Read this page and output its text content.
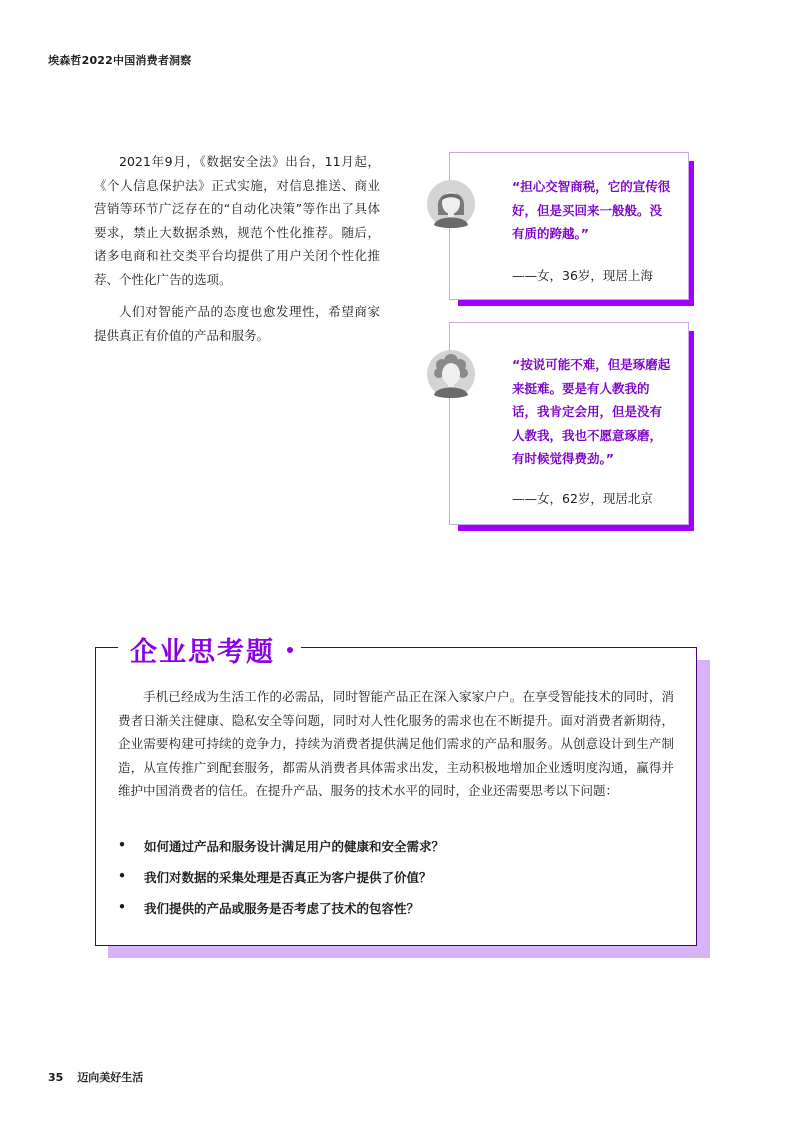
埃森哲2022中国消费者洞察

2021年9月，《数据安全法》出台，11月起，《个人信息保护法》正式实施，对信息推送、商业营销等环节广泛存在的“自动化决策”等作出了具体要求，禁止大数据杀熟，规范个性化推荐。随后，诸多电商和社交类平台均提供了用户关闭个性化推荐、个性化广告的选项。

人们对智能产品的态度也愈发理性，希望商家提供真正有价值的产品和服务。

“担心交智商税，它的宣传很好，但是买回来一般般。没有质的跨越。”

——女，36岁，现居上海

“按说可能不难，但是琢磨起来挺难。要是有人教我的话，我肯定会用，但是没有人教我，我也不愿意琢磨，有时候觉得费劲。”

——女，62岁，现居北京

企业思考题

手机已经成为生活工作的必需品，同时智能产品正在深入家家户户。在享受智能技术的同时，消费者日渐关注健康、隐私安全等问题，同时对人性化服务的需求也在不断提升。面对消费者新期待，企业需要构建可持续的竞争力，持续为消费者提供满足他们需求的产品和服务。从创意设计到生产制造，从宣传推广到配套服务，都需从消费者具体需求出发，主动积极地增加企业透明度沟通，赢得并维护中国消费者的信任。在提升产品、服务的技术水平的同时，企业还需要思考以下问题：

•	如何通过产品和服务设计满足用户的健康和安全需求？
•	我们对数据的采集处理是否真正为客户提供了价值？
•	我们提供的产品或服务是否考虑了技术的包容性？
35 迈向美好生活
